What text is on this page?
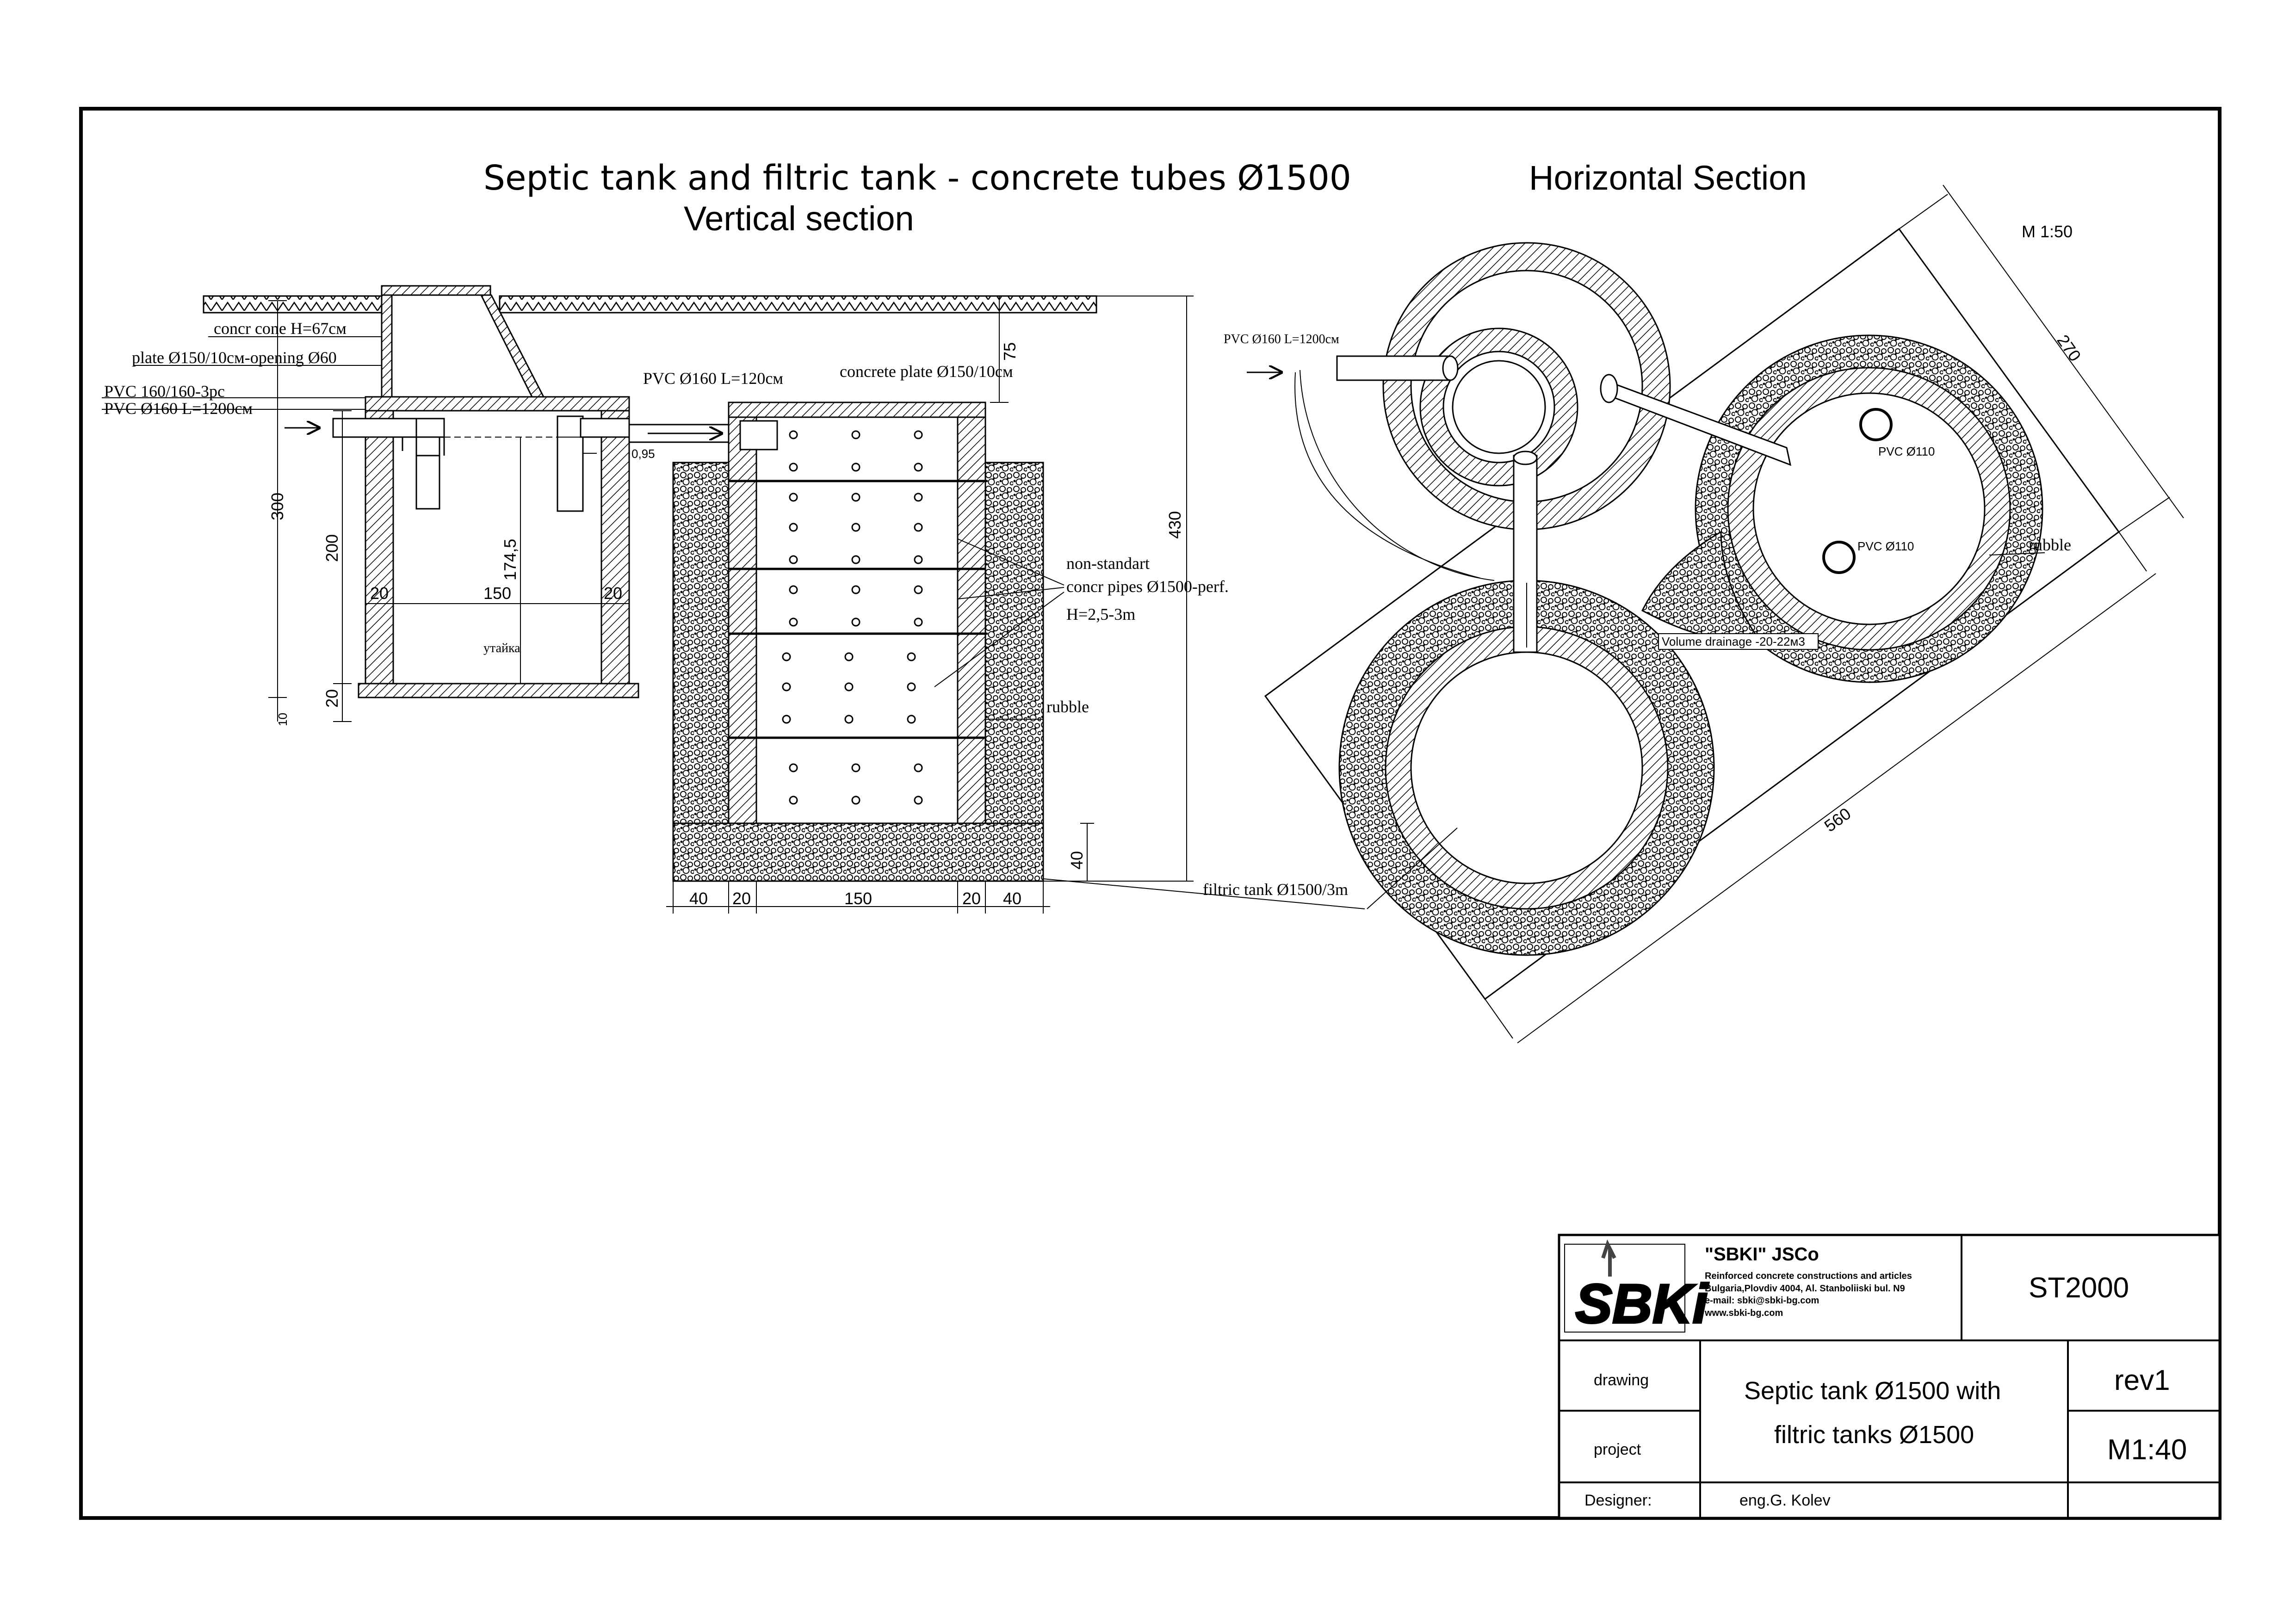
Septic tank and filtric tank - concrete tubes Ø1500
Vertical section
Horizontal Section
M 1:50
concr cone H=67см
plate Ø150/10см-opening Ø60
PVC 160/160-3pc
PVC Ø160 L=1200см
PVC Ø160 L=120см	concrete plate Ø150/10см
non-standart
concr pipes Ø1500-perf.
H=2,5-3m
rubble
filtric tank Ø1500/3m
утайка
75
430
300
200	174,5
150
20	20
20
10
0,95
40
40 20	150	20 40
PVC Ø160 L=1200см
PVC Ø110
PVC Ø110	rubble
Volume drainage -20-22м3
270
560
SBKi
"SBKI" JSCo
Reinforced concrete constructions and articles
Bulgaria,Plovdiv 4004, Al. Stanboliiski bul. N9
e-mail: sbki@sbki-bg.com
www.sbki-bg.com
ST2000
drawing
project
Septic tank Ø1500 with
filtric tanks Ø1500
rev1
M1:40
Designer:	eng.G. Kolev
